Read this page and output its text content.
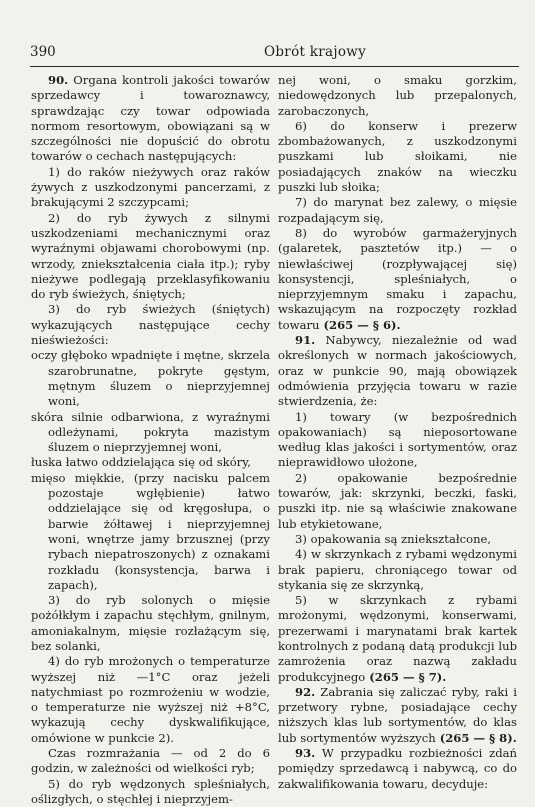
390	Obrót krajowy

90. Organa kontroli jakości towarów sprzedawcy i towaroznawcy, sprawdzając czy towar odpowiada normom resortowym, obowiązani są w szczególności nie dopuścić do obrotu towarów o cechach następujących:

1) do raków nieżywych oraz raków żywych z uszkodzonymi pancerzami, z brakującymi 2 szczypcami;

2) do ryb żywych z silnymi uszkodzeniami mechanicznymi oraz wyraźnymi objawami chorobowymi (np. wrzody, zniekształcenia ciała itp.); ryby nieżywe podlegają przeklasyfikowaniu do ryb świeżych, śniętych;

3) do ryb świeżych (śniętych) wykazujących następujące cechy nieświeżości:

oczy głęboko wpadnięte i mętne, skrzela szarobrunatne, pokryte gęstym, mętnym śluzem o nieprzyjemnej woni,

skóra silnie odbarwiona, z wyraźnymi odleżynami, pokryta mazistym śluzem o nieprzyjemnej woni,

łuska łatwo oddzielająca się od skóry,

mięso miękkie, (przy nacisku palcem pozostaje wgłębienie) łatwo oddzielające się od kręgosłupa, o barwie żółtawej i nieprzyjemnej woni, wnętrze jamy brzusznej (przy rybach niepatroszonych) z oznakami rozkładu (konsystencja, barwa i zapach),

3) do ryb solonych o mięsie pożółkłym i zapachu stęchłym, gnilnym, amoniakalnym, mięsie rozłażącym się, bez solanki,

4) do ryb mrożonych o temperaturze wyższej niż —1°C oraz jeżeli natychmiast po rozmrożeniu w wodzie, o temperaturze nie wyższej niż +8°C, wykazują cechy dyskwalifikujące, omówione w punkcie 2).

Czas rozmrażania — od 2 do 6 godzin, w zależności od wielkości ryb;

5) do ryb wędzonych spleśniałych, oślizgłych, o stęchłej i nieprzyjem-

nej woni, o smaku gorzkim, niedowędzonych lub przepalonych, zarobaczonych,

6) do konserw i prezerw zbombażowanych, z uszkodzonymi puszkami lub słoikami, nie posiadających znaków na wieczku puszki lub słoika;

7) do marynat bez zalewy, o mięsie rozpadającym się,

8) do wyrobów garmażeryjnych (galaretek, pasztetów itp.) — o niewłaściwej (rozpływającej się) konsystencji, spleśniałych, o nieprzyjemnym smaku i zapachu, wskazującym na rozpoczęty rozkład towaru (265 — § 6).

91. Nabywcy, niezależnie od wad określonych w normach jakościowych, oraz w punkcie 90, mają obowiązek odmówienia przyjęcia towaru w razie stwierdzenia, że:

1) towary (w bezpośrednich opakowaniach) są nieposortowane według klas jakości i sortymentów, oraz nieprawidłowo ułożone,

2) opakowanie bezpośrednie towarów, jak: skrzynki, beczki, faski, puszki itp. nie są właściwie znakowane lub etykietowane,

3) opakowania są zniekształcone,

4) w skrzynkach z rybami wędzonymi brak papieru, chroniącego towar od stykania się ze skrzynką,

5) w skrzynkach z rybami mrożonymi, wędzonymi, konserwami, prezerwami i marynatami brak kartek kontrolnych z podaną datą produkcji lub zamrożenia oraz nazwą zakładu produkcyjnego (265 — § 7).

92. Zabrania się zaliczać ryby, raki i przetwory rybne, posiadające cechy niższych klas lub sortymentów, do klas lub sortymentów wyższych (265 — § 8).

93. W przypadku rozbieżności zdań pomiędzy sprzedawcą i nabywcą, co do zakwalifikowania towaru, decyduje:
